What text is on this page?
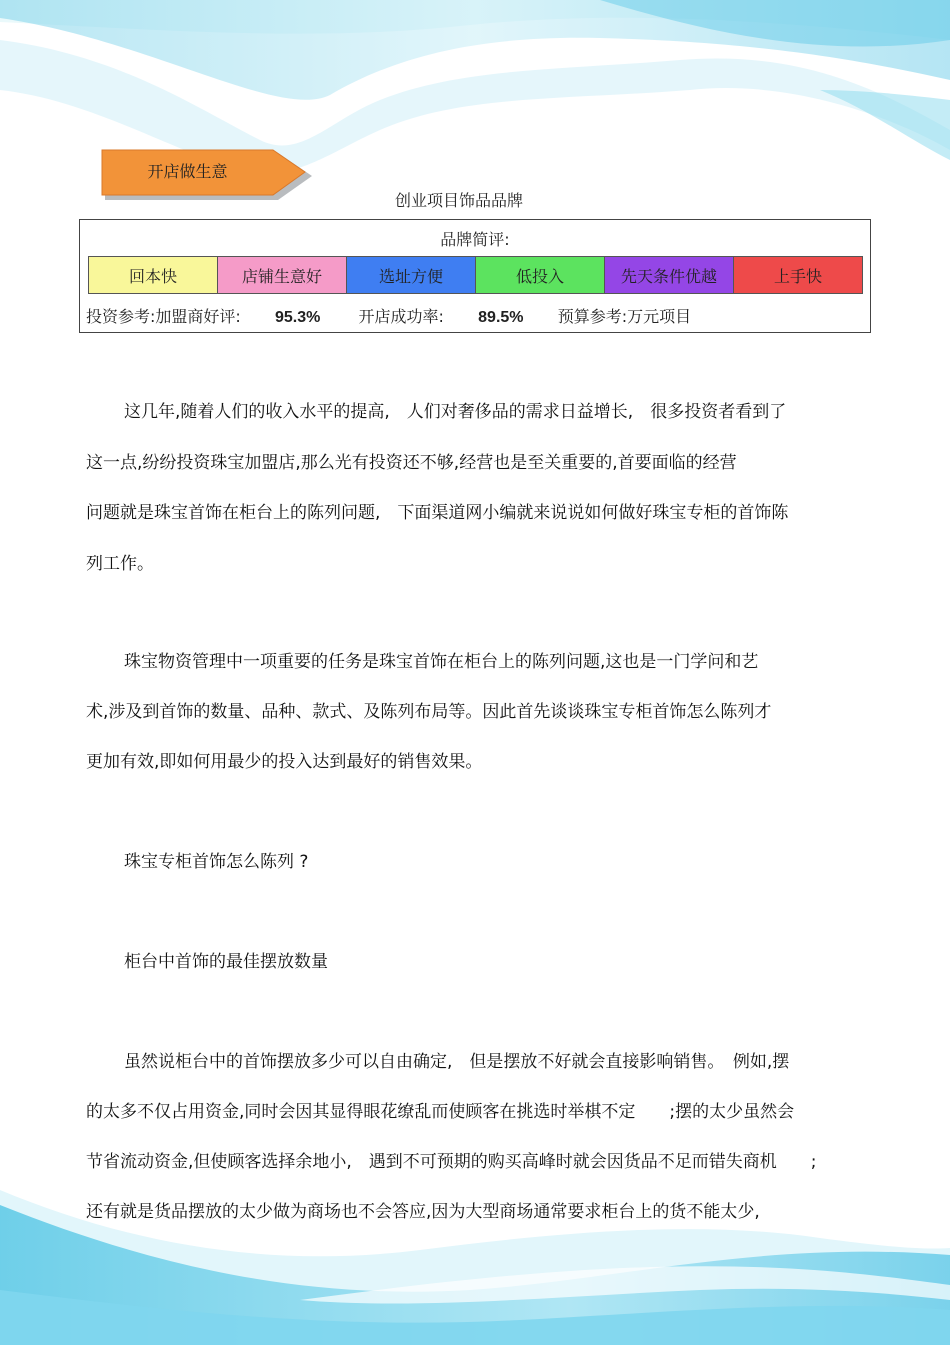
开店做生意
创业项目饰品品牌
品牌简评:
回本快	店铺生意好	选址方便	低投入	先天条件优越	上手快
投资参考:加盟商好评: 95.3% 开店成功率: 89.5% 预算参考:万元项目
这几年,随着人们的收入水平的提高,　人们对奢侈品的需求日益增长,　很多投资者看到了
这一点,纷纷投资珠宝加盟店,那么光有投资还不够,经营也是至关重要的,首要面临的经营
问题就是珠宝首饰在柜台上的陈列问题,　下面渠道网小编就来说说如何做好珠宝专柜的首饰陈
列工作。
珠宝物资管理中一项重要的任务是珠宝首饰在柜台上的陈列问题,这也是一门学问和艺
术,涉及到首饰的数量、品种、款式、及陈列布局等。因此首先谈谈珠宝专柜首饰怎么陈列才
更加有效,即如何用最少的投入达到最好的销售效果。
珠宝专柜首饰怎么陈列 ?
柜台中首饰的最佳摆放数量
虽然说柜台中的首饰摆放多少可以自由确定,　但是摆放不好就会直接影响销售。　例如,摆
的太多不仅占用资金,同时会因其显得眼花缭乱而使顾客在挑选时举棋不定　　;摆的太少虽然会
节省流动资金,但使顾客选择余地小,　遇到不可预期的购买高峰时就会因货品不足而错失商机　　;
还有就是货品摆放的太少做为商场也不会答应,因为大型商场通常要求柜台上的货不能太少,
